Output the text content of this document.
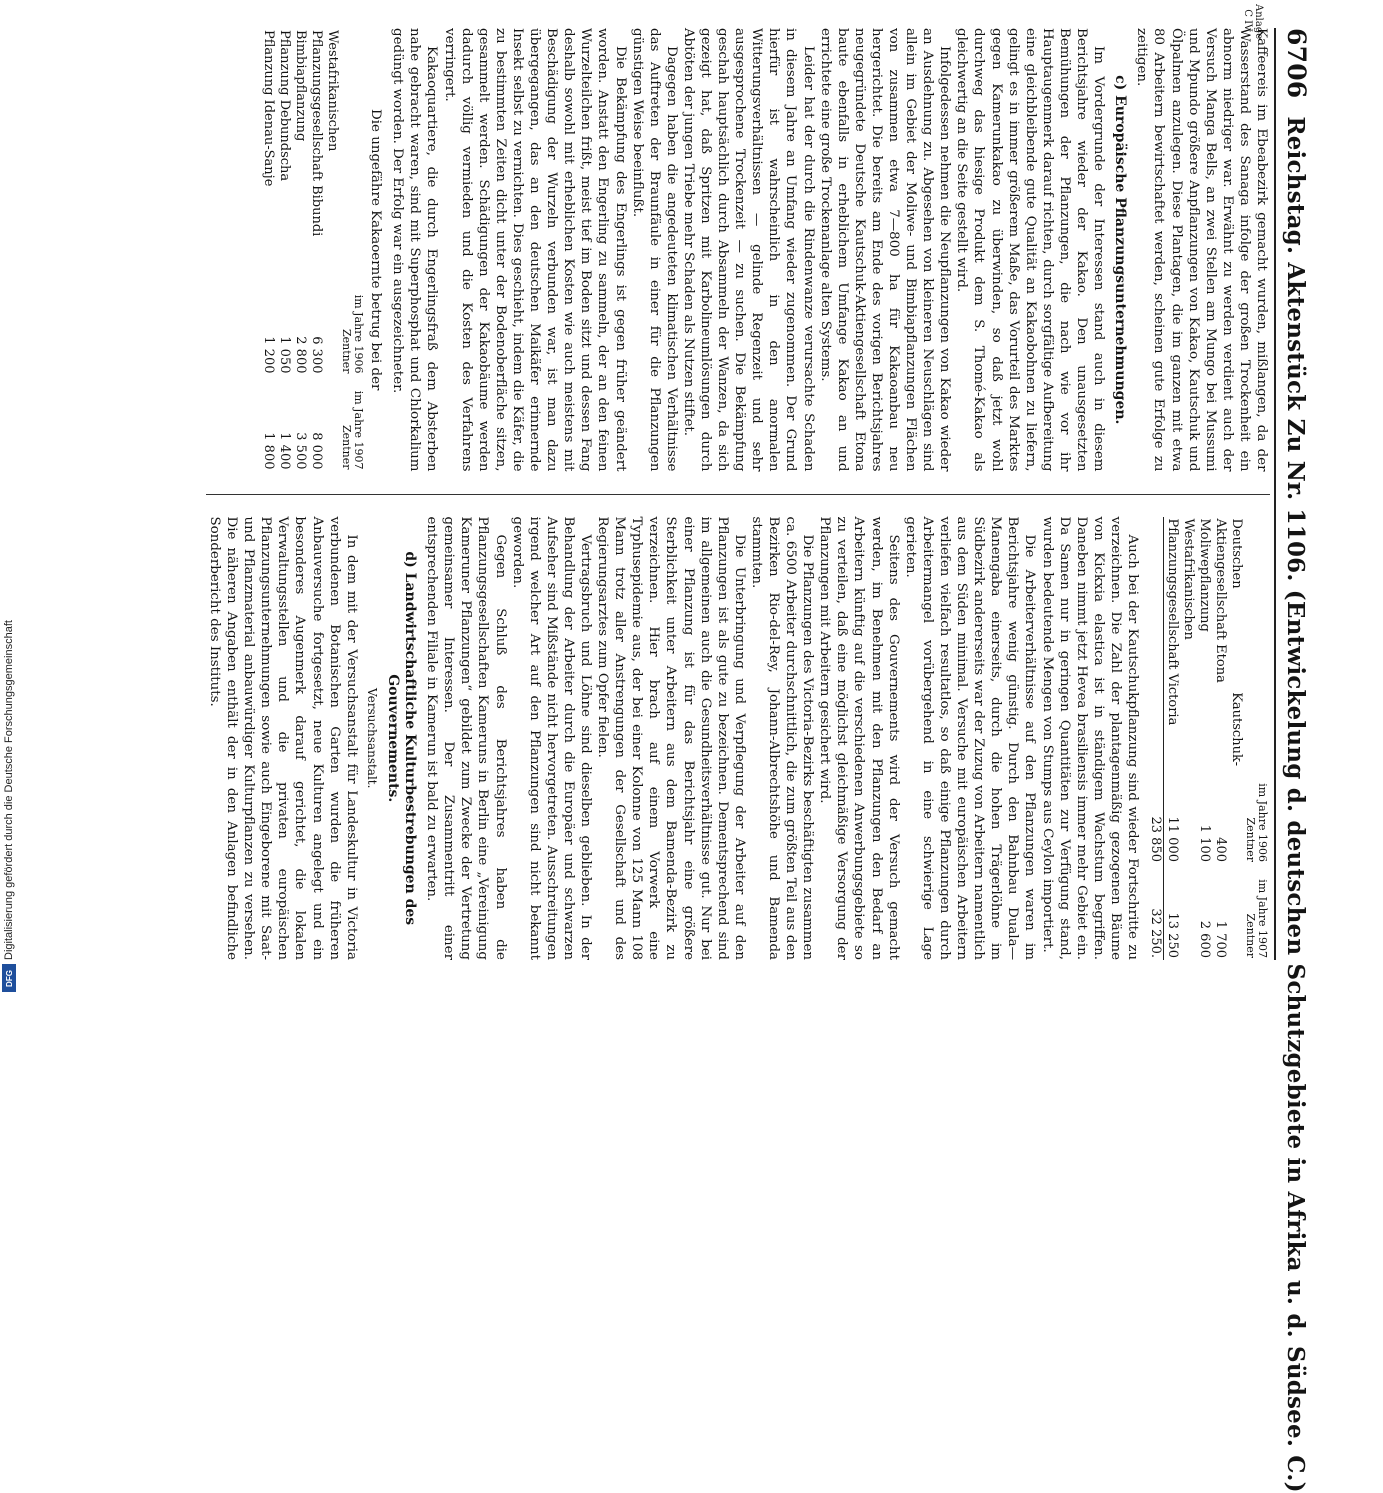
6706
Reichstag. Aktenstück Zu Nr. 1106. (Entwickelung d. deutschen Schutzgebiete in Afrika u. d. Südsee. C.)
Anlage C IV.

Kaffeereis im Ebeabezirk gemacht wurden, mißlangen, da der Wasserstand des Sanaga infolge der großen Trockenheit ein abnorm niedriger war. Erwähnt zu werden verdient auch der Versuch Manga Bells, an zwei Stellen am Mungo bei Mussumi und Mpundo größere Anpflanzungen von Kakao, Kautschuk und Ölpalmen anzulegen. Diese Plantagen, die im ganzen mit etwa 80 Arbeitern bewirtschaftet werden, scheinen gute Erfolge zu zeitigen.

c) Europäische Pflanzungsunternehmungen.

Im Vordergrunde der Interessen stand auch in diesem Berichtsjahre wieder der Kakao. Den unausgesetzten Bemühungen der Pflanzungen, die nach wie vor ihr Hauptaugenmerk darauf richten, durch sorgfältige Aufbereitung eine gleichbleibende gute Qualität an Kakaobohnen zu liefern, gelingt es in immer größerem Maße, das Vorurteil des Marktes gegen Kamerunkakao zu überwinden, so daß jetzt wohl durchweg das hiesige Produkt dem S. Thomé-Kakao als gleichwertig an die Seite gestellt wird.

Infolgedessen nehmen die Neupflanzungen von Kakao wieder an Ausdehnung zu. Abgesehen von kleineren Neuschlägen sind allein im Gebiet der Moliwe- und Bimbiapflanzungen Flächen von zusammen etwa 7—800 ha für Kakaoanbau neu hergerichtet. Die bereits am Ende des vorigen Berichtsjahres neugegründete Deutsche Kautschuk-Aktiengesellschaft Etona baute ebenfalls in erheblichem Umfange Kakao an und errichtete eine große Trockenanlage alten Systems.

Leider hat der durch die Rindenwanze verursachte Schaden in diesem Jahre an Umfang wieder zugenommen. Der Grund hierfür ist wahrscheinlich in den anormalen Witterungsverhältnissen — gelinde Regenzeit und sehr ausgesprochene Trockenzeit — zu suchen. Die Bekämpfung geschah hauptsächlich durch Absammeln der Wanzen, da sich gezeigt hat, daß Spritzen mit Karbolineumlösungen durch Abtöten der jungen Triebe mehr Schaden als Nutzen stiftet.

Dagegen haben die angedeuteten klimatischen Verhältnisse das Auftreten der Braunfäule in einer für die Pflanzungen günstigen Weise beeinflußt.

Die Bekämpfung des Engerlings ist gegen früher geändert worden. Anstatt den Engerling zu sammeln, der an den feinen Wurzelteilchen frißt, meist tief im Boden sitzt und dessen Fang deshalb sowohl mit erheblichen Kosten wie auch meistens mit Beschädigung der Wurzeln verbunden war, ist man dazu übergegangen, das an den deutschen Maikäfer erinnernde Insekt selbst zu vernichten. Dies geschieht, indem die Käfer, die zu bestimmten Zeiten dicht unter der Bodenoberfläche sitzen, gesammelt werden. Schädigungen der Kakaobäume werden dadurch völlig vermieden und die Kosten des Verfahrens verringert.

Kakaoquartiere, die durch Engerlingsfraß dem Absterben nahe gebracht waren, sind mit Superphosphat und Chlorkalium gedüngt worden. Der Erfolg war ein ausgezeichneter.

Die ungefähre Kakaoernte betrug bei der
	im Jahre 1906 Zentner	im Jahre 1907 Zentner
Westafrikanischen Pflanzungsgesellschaft Bibundi	6 300	8 000
Bimbiapflanzung	2 800	3 500
Pflanzung Debundscha	1 050	1 400
Pflanzung Idenau-Sanje	1 200	1 800
	im Jahre 1906 Zentner	im Jahre 1907 Zentner
Deutschen Kautschuk-Aktiengesellschaft Etona	400	1 700
Moliwepflanzung	1 100	2 600
Westafrikanischen Pflanzungsgesellschaft Victoria	11 000	13 250
	23 850	32 250.

Auch bei der Kautschukpflanzung sind wieder Fortschritte zu verzeichnen. Die Zahl der plantagenmäßig gezogenen Bäume von Kickxia elastica ist in ständigem Wachstum begriffen. Daneben nimmt jetzt Hevea brasiliensis immer mehr Gebiet ein. Da Samen nur in geringen Quantitäten zur Verfügung stand, wurden bedeutende Mengen von Stumps aus Ceylon importiert.

Die Arbeiterverhältnisse auf den Pflanzungen waren im Berichtsjahre wenig günstig. Durch den Bahnbau Duala—Manengaba einerseits, durch die hohen Trägerlöhne im Südbezirk andererseits war der Zuzug von Arbeitern namentlich aus dem Süden minimal. Versuche mit europäischen Arbeitern verliefen vielfach resultatlos, so daß einige Pflanzungen durch Arbeitermangel vorübergehend in eine schwierige Lage gerieten.

Seitens des Gouvernements wird der Versuch gemacht werden, im Benehmen mit den Pflanzungen den Bedarf an Arbeitern künftig auf die verschiedenen Anwerbungsgebiete so zu verteilen, daß eine möglichst gleichmäßige Versorgung der Pflanzungen mit Arbeitern gesichert wird.

Die Pflanzungen des Victoria-Bezirks beschäftigten zusammen ca. 6500 Arbeiter durchschnittlich, die zum größten Teil aus den Bezirken Rio-del-Rey, Johann-Albrechtshöhe und Bamenda stammten.

Die Unterbringung und Verpflegung der Arbeiter auf den Pflanzungen ist als gute zu bezeichnen. Dementsprechend sind im allgemeinen auch die Gesundheitsverhältnisse gut. Nur bei einer Pflanzung ist für das Berichtsjahr eine größere Sterblichkeit unter Arbeitern aus dem Bamenda-Bezirk zu verzeichnen. Hier brach auf einem Vorwerk eine Typhusepidemie aus, der bei einer Kolonne von 125 Mann 108 Mann trotz aller Anstrengungen der Gesellschaft und des Regierungsarztes zum Opfer fielen.

Vertragsbruch und Löhne sind dieselben geblieben. In der Behandlung der Arbeiter durch die Europäer und schwarzen Aufseher sind Mißstände nicht hervorgetreten. Ausschreitungen irgend welcher Art auf den Pflanzungen sind nicht bekannt geworden.

Gegen Schluß des Berichtsjahres haben die Pflanzungsgesellschaften Kameruns in Berlin eine „Vereinigung Kameruner Pflanzungen“ gebildet zum Zwecke der Vertretung gemeinsamer Interessen. Der Zusammentritt einer entsprechenden Filiale in Kamerun ist bald zu erwarten.

d) Landwirtschaftliche Kulturbestrebungen des Gouvernements.
Versuchsanstalt.

In dem mit der Versuchsanstalt für Landeskultur in Victoria verbundenen Botanischen Garten wurden die früheren Anbauversuche fortgesetzt, neue Kulturen angelegt und ein besonderes Augenmerk darauf gerichtet, die lokalen Verwaltungsstellen und die privaten europäischen Pflanzungsunternehmungen sowie auch Eingeborene mit Saat- und Pflanzmaterial anbauwürdiger Kulturpflanzen zu versehen. Die näheren Angaben enthält der in den Anlagen befindliche Sonderbericht des Instituts.

Digitalisierung gefördert durch die Deutsche Forschungsgemeinschaft
DFG
